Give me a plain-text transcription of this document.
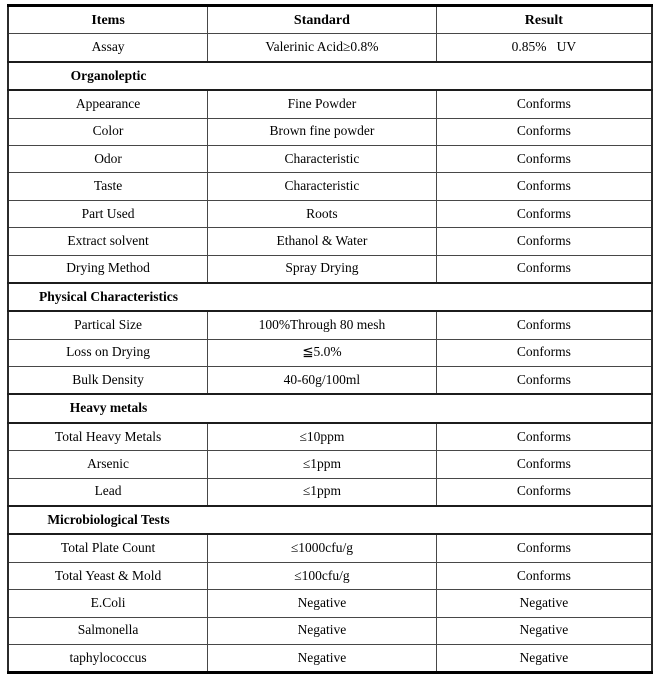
Items	Standard	Result
Assay	Valerinic Acid≥0.8%	0.85%   UV

Organoleptic		

Appearance	Fine Powder	Conforms
Color	Brown fine powder	Conforms
Odor	Characteristic	Conforms
Taste	Characteristic	Conforms
Part Used	Roots	Conforms
Extract solvent	Ethanol & Water	Conforms
Drying Method	Spray Drying	Conforms

Physical Characteristics		

Partical Size	100%Through 80 mesh	Conforms
Loss on Drying	≦5.0%	Conforms
Bulk Density	40-60g/100ml	Conforms

Heavy metals		

Total Heavy Metals	≤10ppm	Conforms
Arsenic	≤1ppm	Conforms
Lead	≤1ppm	Conforms

Microbiological Tests		

Total Plate Count	≤1000cfu/g	Conforms
Total Yeast & Mold	≤100cfu/g	Conforms
E.Coli	Negative	Negative
Salmonella	Negative	Negative
taphylococcus	Negative	Negative
